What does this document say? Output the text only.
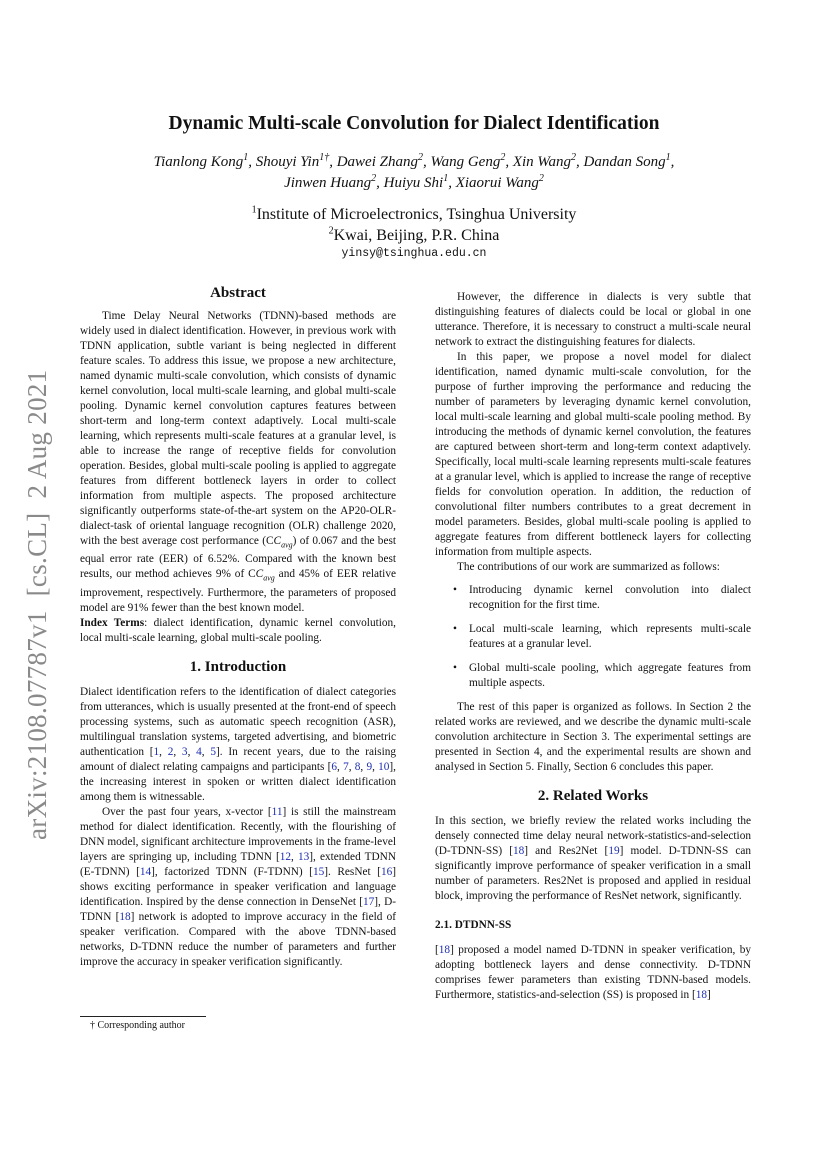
arXiv:2108.07787v1[cs.CL]2 Aug 2021
Dynamic Multi-scale Convolution for Dialect Identification
Tianlong Kong$^1$, Shouyi Yin$^{1\dagger}$, Dawei Zhang$^2$, Wang Geng$^2$, Xin Wang$^2$, Dandan Song$^1$,
Jinwen Huang$^2$, Huiyu Shi$^1$, Xiaorui Wang$^2$
$^1$Institute of Microelectronics, Tsinghua University
$^2$Kwai, Beijing, P.R. China
yinsy@tsinghua.edu.cn
Abstract

Time Delay Neural Networks (TDNN)-based methods are widely used in dialect identification. However, in previous work with TDNN application, subtle variant is being neglected in different feature scales. To address this issue, we propose a new architecture, named dynamic multi-scale convolution, which consists of dynamic kernel convolution, local multi-scale learning, and global multi-scale pooling. Dynamic kernel convolution captures features between short-term and long-term context adaptively. Local multi-scale learning, which represents multi-scale features at a granular level, is able to increase the range of receptive fields for convolution operation. Besides, global multi-scale pooling is applied to aggregate features from different bottleneck layers in order to collect information from multiple aspects. The proposed architecture significantly outperforms state-of-the-art system on the AP20-OLR-dialect-task of oriental language recognition (OLR) challenge 2020, with the best average cost performance $(CC_{avg})$ of 0.067 and the best equal error rate (EER) of 6.52%. Compared with the known best results, our method achieves 9% of $CC_{avg}$ and 45% of EER relative improvement, respectively. Furthermore, the parameters of proposed model are 91% fewer than the best known model.

Index Terms: dialect identification, dynamic kernel convolution, local multi-scale learning, global multi-scale pooling.

1. Introduction

Dialect identification refers to the identification of dialect categories from utterances, which is usually presented at the front-end of speech processing systems, such as automatic speech recognition (ASR), multilingual translation systems, targeted advertising, and biometric authentication [1, 2, 3, 4, 5]. In recent years, due to the raising amount of dialect relating campaigns and participants [6, 7, 8, 9, 10], the increasing interest in spoken or written dialect identification among them is witnessable.

Over the past four years, x-vector [11] is still the mainstream method for dialect identification. Recently, with the flourishing of DNN model, significant architecture improvements in the frame-level layers are springing up, including TDNN [12, 13], extended TDNN (E-TDNN) [14], factorized TDNN (F-TDNN) [15]. ResNet [16] shows exciting performance in speaker verification and language identification. Inspired by the dense connection in DenseNet [17], D-TDNN [18] network is adopted to improve accuracy in the field of speaker verification. Compared with the above TDNN-based networks, D-TDNN reduce the number of parameters and further improve the accuracy in speaker verification significantly.

† Corresponding author

However, the difference in dialects is very subtle that distinguishing features of dialects could be local or global in one utterance. Therefore, it is necessary to construct a multi-scale neural network to extract the distinguishing features for dialects.

In this paper, we propose a novel model for dialect identification, named dynamic multi-scale convolution, for the purpose of further improving the performance and reducing the number of parameters by leveraging dynamic kernel convolution, local multi-scale learning and global multi-scale pooling method. By introducing the methods of dynamic kernel convolution, the features are captured between short-term and long-term context adaptively. Specifically, local multi-scale learning represents multi-scale features at a granular level, which is applied to increase the range of receptive fields for convolution operation. In addition, the reduction of convolutional filter numbers contributes to a great decrement in model parameters. Besides, global multi-scale pooling is applied to aggregate features from different bottleneck layers for collecting information from multiple aspects.

The contributions of our work are summarized as follows:

• Introducing dynamic kernel convolution into dialect recognition for the first time.
• Local multi-scale learning, which represents multi-scale features at a granular level.
• Global multi-scale pooling, which aggregate features from multiple aspects.

The rest of this paper is organized as follows. In Section 2 the related works are reviewed, and we describe the dynamic multi-scale convolution architecture in Section 3. The experimental settings are presented in Section 4, and the experimental results are shown and analysed in Section 5. Finally, Section 6 concludes this paper.

2. Related Works

In this section, we briefly review the related works including the densely connected time delay neural network-statistics-and-selection (D-TDNN-SS) [18] and Res2Net [19] model. D-TDNN-SS can significantly improve performance of speaker verification in a small number of parameters. Res2Net is proposed and applied in residual block, improving the performance of ResNet network, significantly.

2.1. DTDNN-SS

[18] proposed a model named D-TDNN in speaker verification, by adopting bottleneck layers and dense connectivity. D-TDNN comprises fewer parameters than existing TDNN-based models. Furthermore, statistics-and-selection (SS) is proposed in [18]
